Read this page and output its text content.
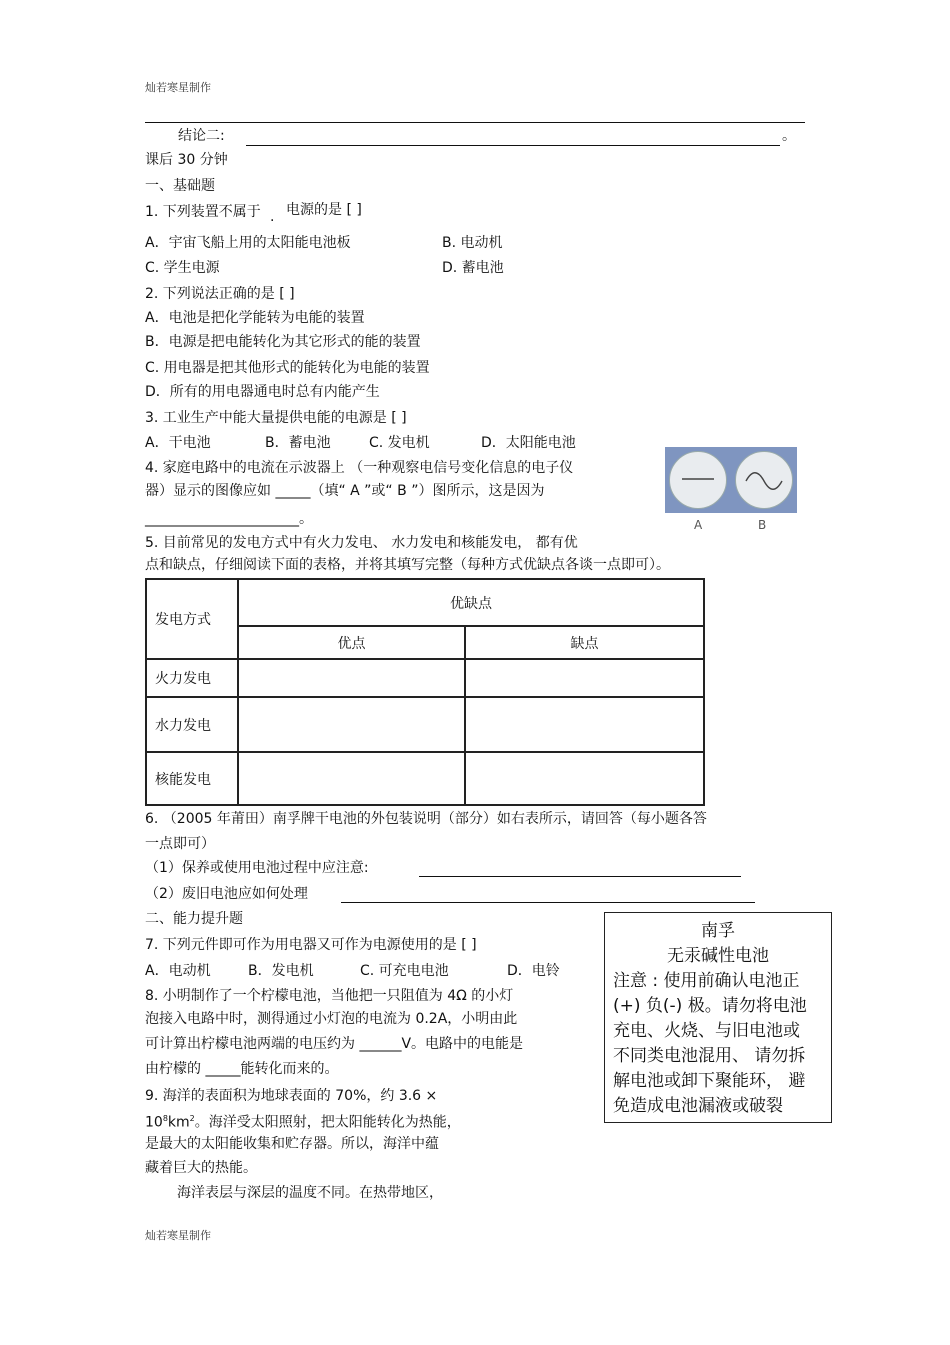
灿若寒星制作
结论二:	。
课后 30 分钟
一、基础题
1. 下列装置不属于 . 电源的是 [ ]
A．宇宙飞船上用的太阳能电池板	B. 电动机
C. 学生电源	D. 蓄电池
2. 下列说法正确的是 [ ]
A．电池是把化学能转为电能的装置
B．电源是把电能转化为其它形式的能的装置
C. 用电器是把其他形式的能转化为电能的装置
D．所有的用电器通电时总有内能产生
3. 工业生产中能大量提供电能的电源是 [ ]
A．干电池	B．蓄电池	C. 发电机	D．太阳能电池
4. 家庭电路中的电流在示波器上 （一种观察电信号变化信息的电子仪
器）显示的图像应如 _____（填“ A ”或“ B ”）图所示，这是因为
______________________。	A	B
5. 目前常见的发电方式中有火力发电、 水力发电和核能发电， 都有优
点和缺点，仔细阅读下面的表格，并将其填写完整（每种方式优缺点各谈一点即可）。
发电方式	优缺点	
	优点	缺点
火力发电		
水力发电		
核能发电		
6. （2005 年莆田）南孚牌干电池的外包装说明（部分）如右表所示，请回答（每小题各答
一点即可）
（1）保养或使用电池过程中应注意:
（2）废旧电池应如何处理
二、能力提升题
7. 下列元件即可作为用电器又可作为电源使用的是 [ ]
A．电动机	B．发电机	C. 可充电电池	D．电铃
8. 小明制作了一个柠檬电池，当他把一只阻值为 4Ω 的小灯
泡接入电路中时，测得通过小灯泡的电流为 0.2A，小明由此
可计算出柠檬电池两端的电压约为 ______V。电路中的电能是
由柠檬的 _____能转化而来的。
9. 海洋的表面积为地球表面的 70%，约 3.6 ×
$10^8km^2$。海洋受太阳照射，把太阳能转化为热能，
是最大的太阳能收集和贮存器。所以，海洋中蕴
藏着巨大的热能。
海洋表层与深层的温度不同。在热带地区，
南孚
无汞碱性电池
注意 : 使用前确认电池正
(+) 负(-) 极。请勿将电池
充电、火烧、与旧电池或
不同类电池混用、 请勿拆
解电池或卸下聚能环， 避
免造成电池漏液或破裂
灿若寒星制作
